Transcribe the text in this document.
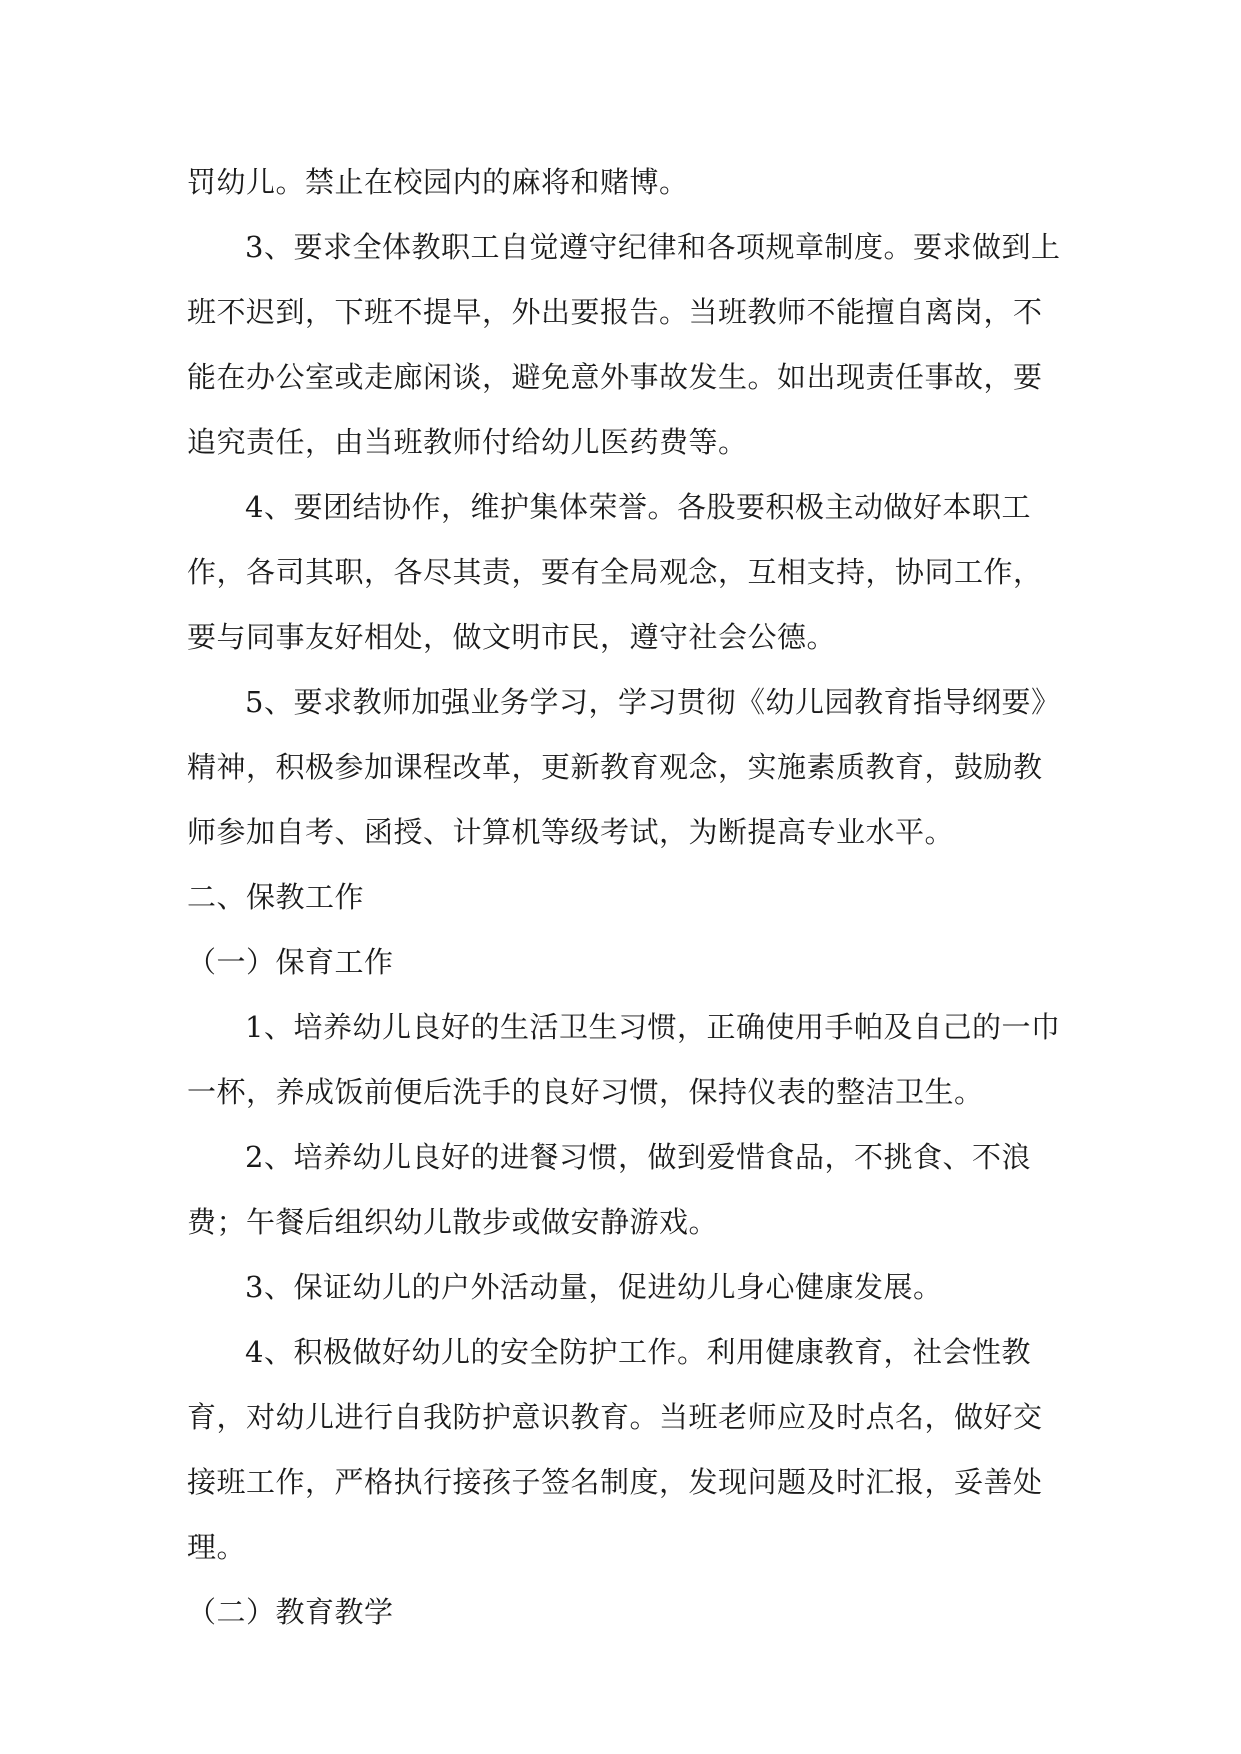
罚幼儿。禁止在校园内的麻将和赌博。

3、要求全体教职工自觉遵守纪律和各项规章制度。要求做到上班不迟到，下班不提早，外出要报告。当班教师不能擅自离岗，不能在办公室或走廊闲谈，避免意外事故发生。如出现责任事故，要追究责任，由当班教师付给幼儿医药费等。

4、要团结协作，维护集体荣誉。各股要积极主动做好本职工作，各司其职，各尽其责，要有全局观念，互相支持，协同工作，要与同事友好相处，做文明市民，遵守社会公德。

5、要求教师加强业务学习，学习贯彻《幼儿园教育指导纲要》精神，积极参加课程改革，更新教育观念，实施素质教育，鼓励教师参加自考、函授、计算机等级考试，为断提高专业水平。

二、保教工作

（一）保育工作

1、培养幼儿良好的生活卫生习惯，正确使用手帕及自己的一巾一杯，养成饭前便后洗手的良好习惯，保持仪表的整洁卫生。

2、培养幼儿良好的进餐习惯，做到爱惜食品，不挑食、不浪费；午餐后组织幼儿散步或做安静游戏。

3、保证幼儿的户外活动量，促进幼儿身心健康发展。

4、积极做好幼儿的安全防护工作。利用健康教育，社会性教育，对幼儿进行自我防护意识教育。当班老师应及时点名，做好交接班工作，严格执行接孩子签名制度，发现问题及时汇报，妥善处理。

（二）教育教学
